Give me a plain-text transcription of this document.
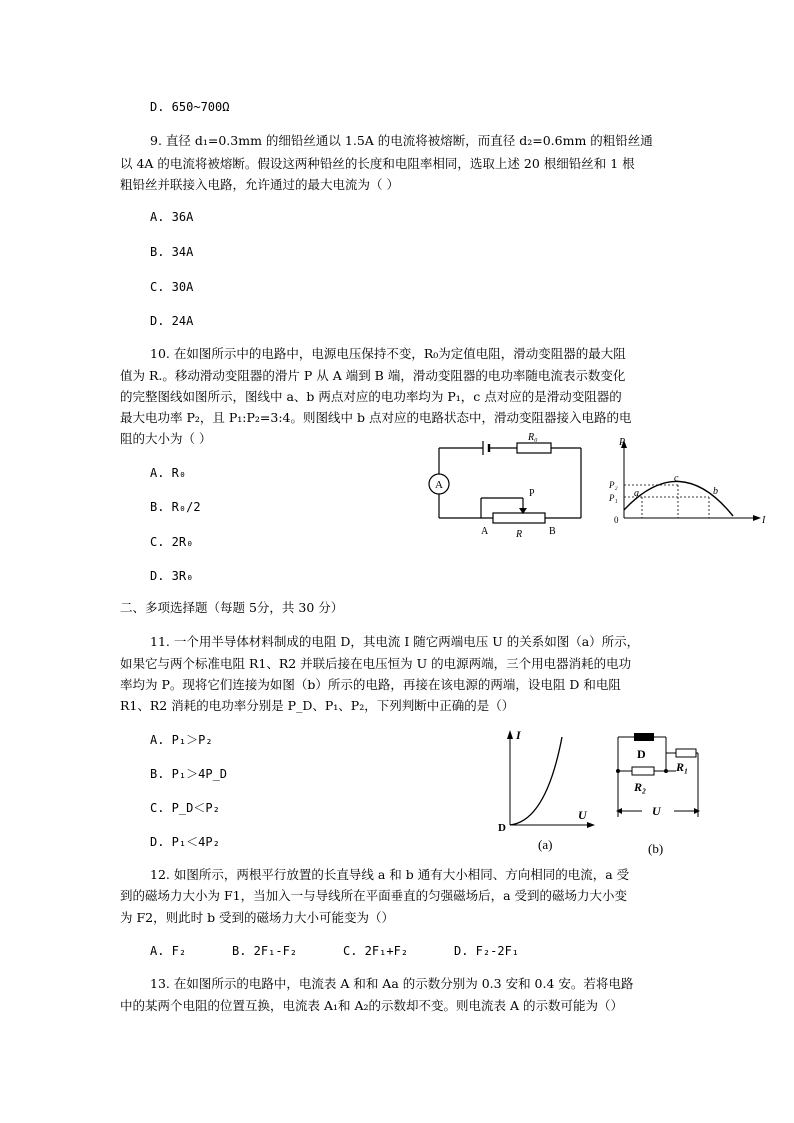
D. 650~700Ω
9. 直径 d₁=0.3mm 的细铅丝通以 1.5A 的电流将被熔断，而直径 d₂=0.6mm 的粗铅丝通
以 4A 的电流将被熔断。假设这两种铅丝的长度和电阻率相同，选取上述 20 根细铅丝和 1 根
粗铅丝并联接入电路，允许通过的最大电流为（ ）
A. 36A
B. 34A
C. 30A
D. 24A
10. 在如图所示中的电路中，电源电压保持不变，R₀为定值电阻，滑动变阻器的最大阻
值为 R.。移动滑动变阻器的滑片 P 从 A 端到 B 端，滑动变阻器的电功率随电流表示数变化
的完整图线如图所示，图线中 a、b 两点对应的电功率均为 P₁，c 点对应的是滑动变阻器的
最大电功率 P₂，且 P₁:P₂=3:4。则图线中 b 点对应的电路状态中，滑动变阻器接入电路的电
阻的大小为（ ）
A. R₀
B. R₀/2
C. 2R₀
D. 3R₀
A
R₀
P
A	B
R
P
I
0
P₂
P₁ a
c
b
二、多项选择题（每题 5分，共 30 分）
11. 一个用半导体材料制成的电阻 D，其电流 I 随它两端电压 U 的关系如图（a）所示，
如果它与两个标准电阻 R1、R2 并联后接在电压恒为 U 的电源两端，三个用电器消耗的电功
率均为 P。现将它们连接为如图（b）所示的电路，再接在该电源的两端，设电阻 D 和电阻
R1、R2 消耗的电功率分别是 P_D、P₁、P₂，下列判断中正确的是（）
A. P₁＞P₂
B. P₁＞4P_D
C. P_D＜P₂
D. P₁＜4P₂
I
U
D
(a)
D
R₁
R₂
U
(b)
12. 如图所示，两根平行放置的长直导线 a 和 b 通有大小相同、方向相同的电流，a 受
到的磁场力大小为 F1，当加入一与导线所在平面垂直的匀强磁场后，a 受到的磁场力大小变
为 F2，则此时 b 受到的磁场力大小可能变为（）
A. F₂	B. 2F₁-F₂	C. 2F₁+F₂	D. F₂-2F₁
13. 在如图所示的电路中，电流表 A 和和 Aa 的示数分别为 0.3 安和 0.4 安。若将电路
中的某两个电阻的位置互换，电流表 A₁和 A₂的示数却不变。则电流表 A 的示数可能为（）
